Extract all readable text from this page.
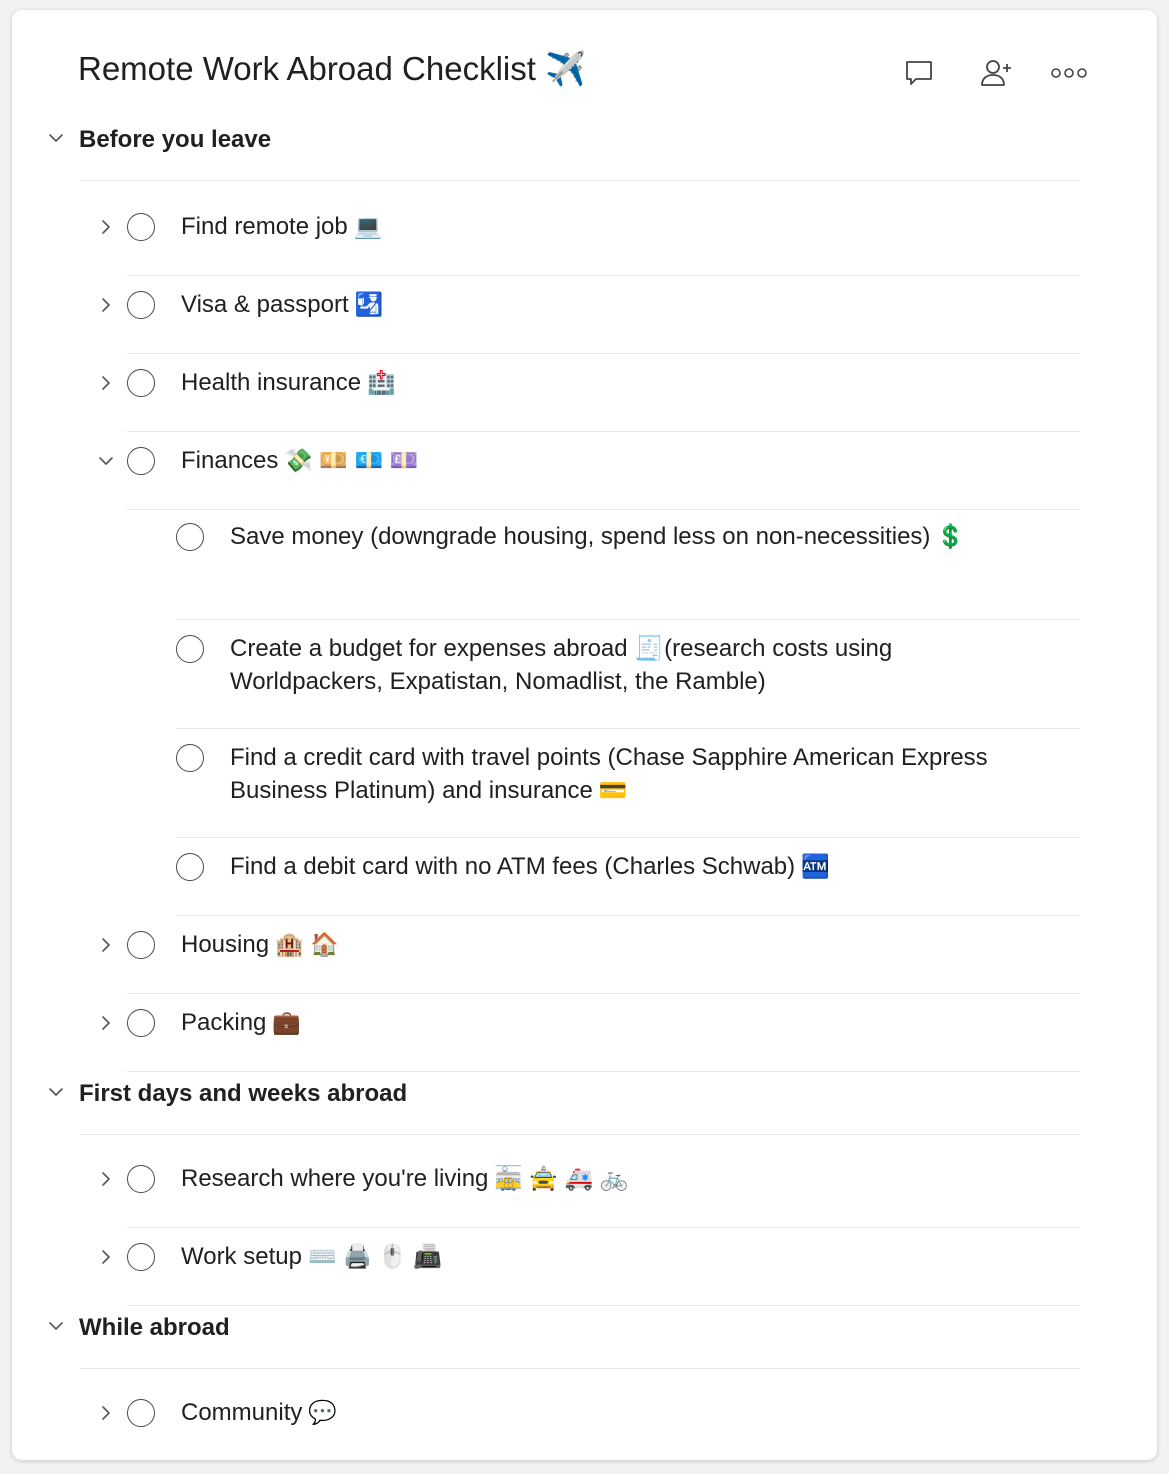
Remote Work Abroad Checklist ✈️
Before you leave
Find remote job 💻
Visa & passport 🛂
Health insurance 🏥
Finances 💸 💴 💶 💷
Save money (downgrade housing, spend less on non-necessities) 💲
Create a budget for expenses abroad 🧾(research costs using Worldpackers, Expatistan, Nomadlist, the Ramble)
Find a credit card with travel points (Chase Sapphire American Express Business Platinum) and insurance 💳
Find a debit card with no ATM fees (Charles Schwab) 🏧
Housing 🏨 🏠
Packing 💼
First days and weeks abroad
Research where you're living 🚋 🚖 🚑 🚲
Work setup ⌨️ 🖨️ 🖱️ 📠
While abroad
Community 💬
